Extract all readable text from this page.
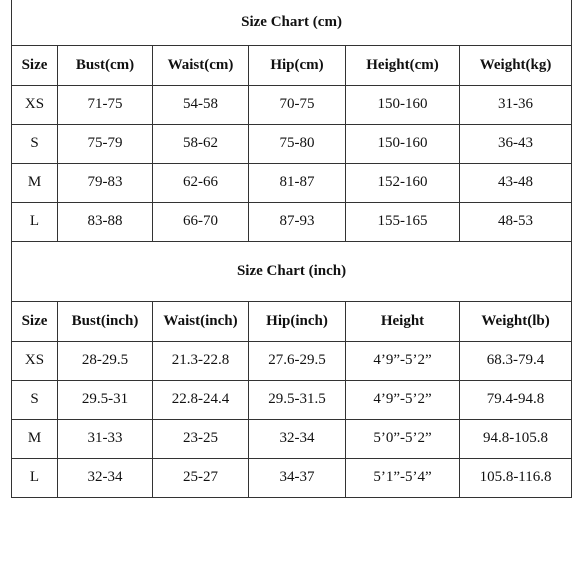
Size Chart (cm)					
Size	Bust(cm)	Waist(cm)	Hip(cm)	Height(cm)	Weight(kg)
XS	71-75	54-58	70-75	150-160	31-36
S	75-79	58-62	75-80	150-160	36-43
M	79-83	62-66	81-87	152-160	43-48
L	83-88	66-70	87-93	155-165	48-53
Size Chart (inch)					
Size	Bust(inch)	Waist(inch)	Hip(inch)	Height	Weight(lb)
XS	28-29.5	21.3-22.8	27.6-29.5	4’9”-5’2”	68.3-79.4
S	29.5-31	22.8-24.4	29.5-31.5	4’9”-5’2”	79.4-94.8
M	31-33	23-25	32-34	5’0”-5’2”	94.8-105.8
L	32-34	25-27	34-37	5’1”-5’4”	105.8-116.8
